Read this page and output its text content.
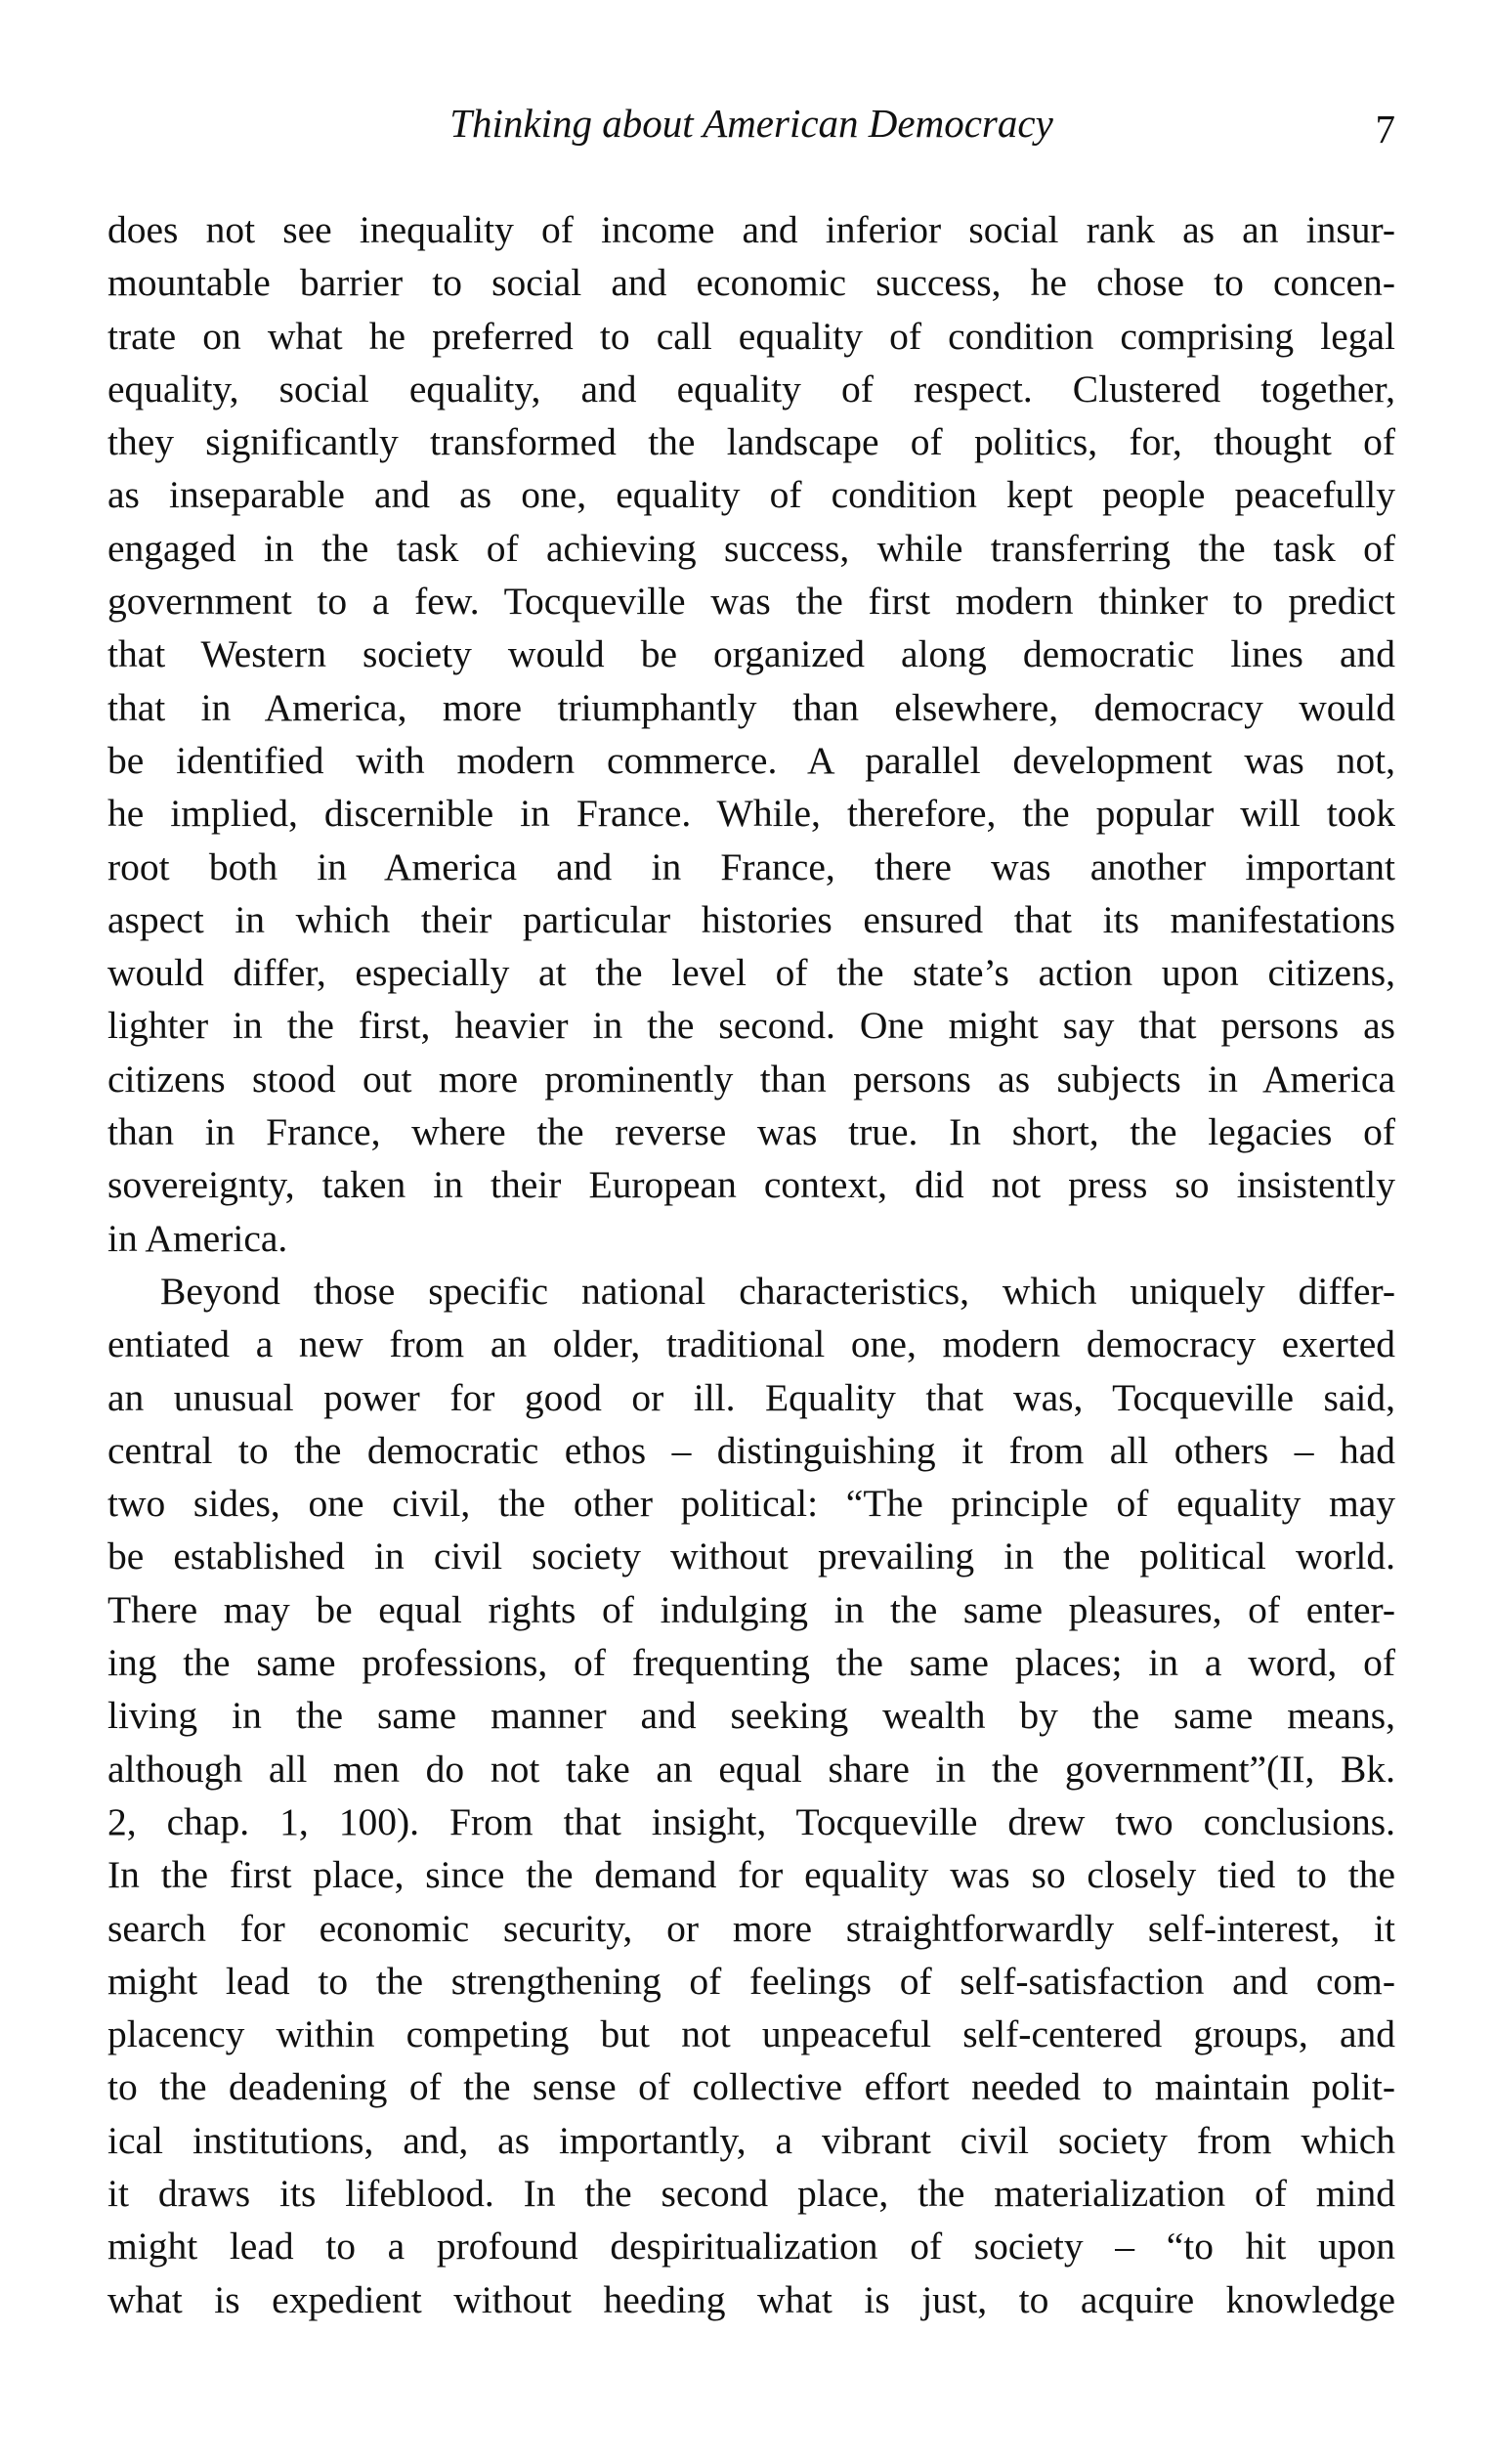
Thinking about American Democracy	7
does not see inequality of income and inferior social rank as an insur-
mountable barrier to social and economic success, he chose to concen-
trate on what he preferred to call equality of condition comprising legal
equality, social equality, and equality of respect. Clustered together,
they significantly transformed the landscape of politics, for, thought of
as inseparable and as one, equality of condition kept people peacefully
engaged in the task of achieving success, while transferring the task of
government to a few. Tocqueville was the first modern thinker to predict
that Western society would be organized along democratic lines and
that in America, more triumphantly than elsewhere, democracy would
be identified with modern commerce. A parallel development was not,
he implied, discernible in France. While, therefore, the popular will took
root both in America and in France, there was another important
aspect in which their particular histories ensured that its manifestations
would differ, especially at the level of the state’s action upon citizens,
lighter in the first, heavier in the second. One might say that persons as
citizens stood out more prominently than persons as subjects in America
than in France, where the reverse was true. In short, the legacies of
sovereignty, taken in their European context, did not press so insistently
in America.
Beyond those specific national characteristics, which uniquely differ-
entiated a new from an older, traditional one, modern democracy exerted
an unusual power for good or ill. Equality that was, Tocqueville said,
central to the democratic ethos – distinguishing it from all others – had
two sides, one civil, the other political: “The principle of equality may
be established in civil society without prevailing in the political world.
There may be equal rights of indulging in the same pleasures, of enter-
ing the same professions, of frequenting the same places; in a word, of
living in the same manner and seeking wealth by the same means,
although all men do not take an equal share in the government”(II, Bk.
2, chap. 1, 100). From that insight, Tocqueville drew two conclusions.
In the first place, since the demand for equality was so closely tied to the
search for economic security, or more straightforwardly self-interest, it
might lead to the strengthening of feelings of self-satisfaction and com-
placency within competing but not unpeaceful self-centered groups, and
to the deadening of the sense of collective effort needed to maintain polit-
ical institutions, and, as importantly, a vibrant civil society from which
it draws its lifeblood. In the second place, the materialization of mind
might lead to a profound despiritualization of society – “to hit upon
what is expedient without heeding what is just, to acquire knowledge
